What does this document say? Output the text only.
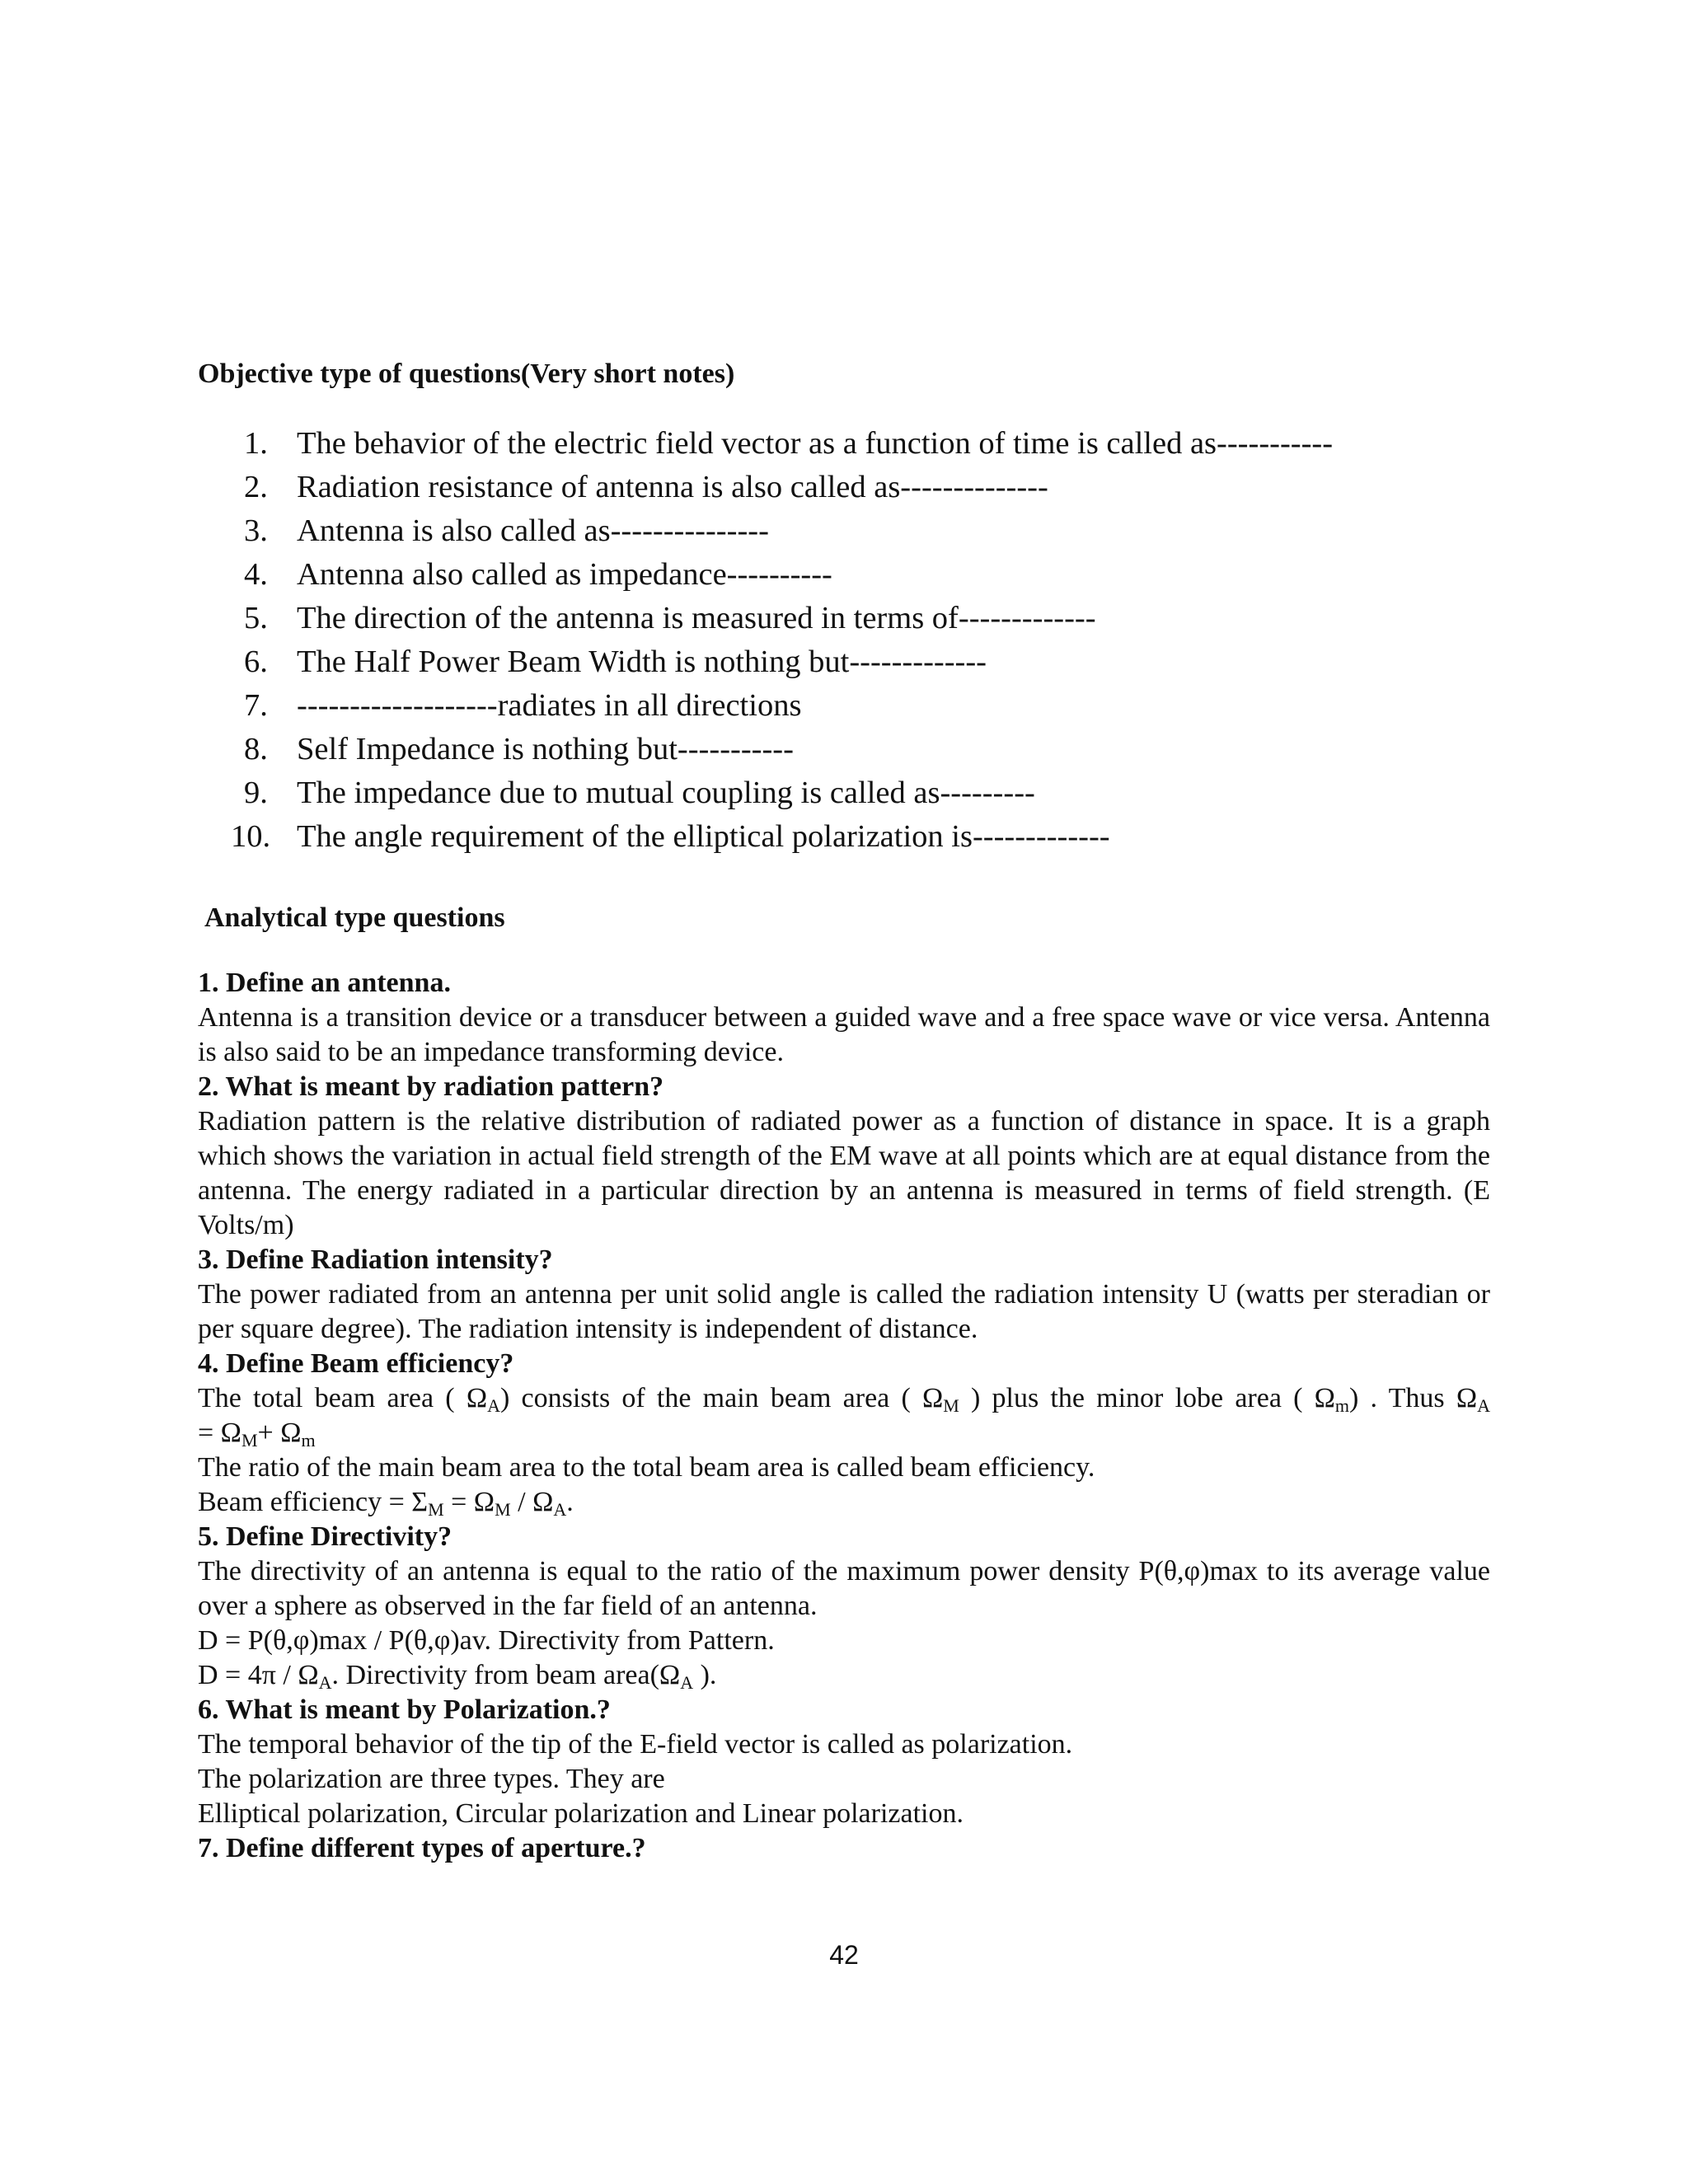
Objective type of questions(Very short notes)
1. The behavior of the electric field vector as a function of time is called as-----------
2. Radiation resistance of antenna is also called as--------------
3. Antenna is also called as---------------
4. Antenna also called as impedance----------
5. The direction of the antenna is measured in terms of-------------
6. The Half Power Beam Width is nothing but-------------
7. -------------------radiates in all directions
8. Self Impedance is nothing but-----------
9. The impedance due to mutual coupling is called as---------
10. The angle requirement of the elliptical polarization is-------------
Analytical type questions
1. Define an antenna.
Antenna is a transition device or a transducer between a guided wave and a free space wave or vice versa. Antenna is also said to be an impedance transforming device.
2. What is meant by radiation pattern?
Radiation pattern is the relative distribution of radiated power as a function of distance in space. It is a graph which shows the variation in actual field strength of the EM wave at all points which are at equal distance from the antenna. The energy radiated in a particular direction by an antenna is measured in terms of field strength. (E Volts/m)
3. Define Radiation intensity?
The power radiated from an antenna per unit solid angle is called the radiation intensity U (watts per steradian or per square degree). The radiation intensity is independent of distance.
4. Define Beam efficiency?
The total beam area ( $\Omega_A$) consists of the main beam area ( $\Omega_M$ ) plus the minor lobe area ( $\Omega_m$) . Thus $\Omega_A$
= $\Omega_M+ \Omega_m$
The ratio of the main beam area to the total beam area is called beam efficiency.
Beam efficiency = $\Sigma_M = \Omega_M / \Omega_A$.
5. Define Directivity?
The directivity of an antenna is equal to the ratio of the maximum power density P(θ,φ)max to its average value over a sphere as observed in the far field of an antenna.
D = P(θ,φ)max / P(θ,φ)av. Directivity from Pattern.
$D = 4\pi / \Omega_A$. Directivity from beam $area(\Omega_A$ ).
6. What is meant by Polarization.?
The temporal behavior of the tip of the E-field vector is called as polarization.
The polarization are three types. They are
Elliptical polarization, Circular polarization and Linear polarization.
7. Define different types of aperture.?
42
